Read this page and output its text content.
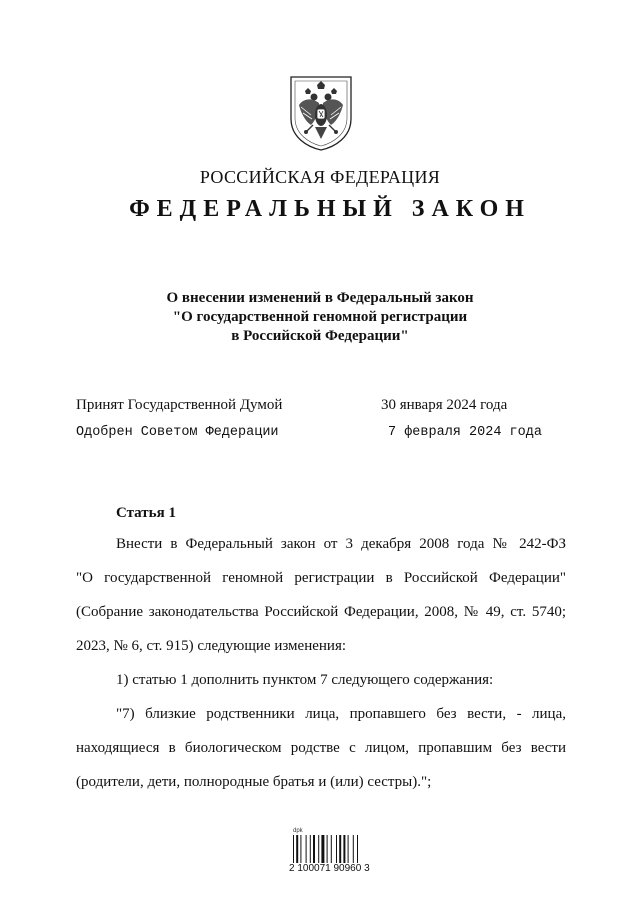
РОССИЙСКАЯ ФЕДЕРАЦИЯ
ФЕДЕРАЛЬНЫЙ ЗАКОН
О внесении изменений в Федеральный закон
"О государственной геномной регистрации
в Российской Федерации"
Принят Государственной Думой	30 января 2024 года
Одобрен Советом Федерации	7 февраля 2024 года
Статья 1
Внести в Федеральный закон от 3 декабря 2008 года № 242-ФЗ
"О государственной геномной регистрации в Российской Федерации"
(Собрание законодательства Российской Федерации, 2008, № 49, ст. 5740;
2023, № 6, ст. 915) следующие изменения:
1) статью 1 дополнить пунктом 7 следующего содержания:
"7) близкие родственники лица, пропавшего без вести, - лица,
находящиеся в биологическом родстве с лицом, пропавшим без вести
(родители, дети, полнородные братья и (или) сестры).";
dpk
2 100071 90960 3
